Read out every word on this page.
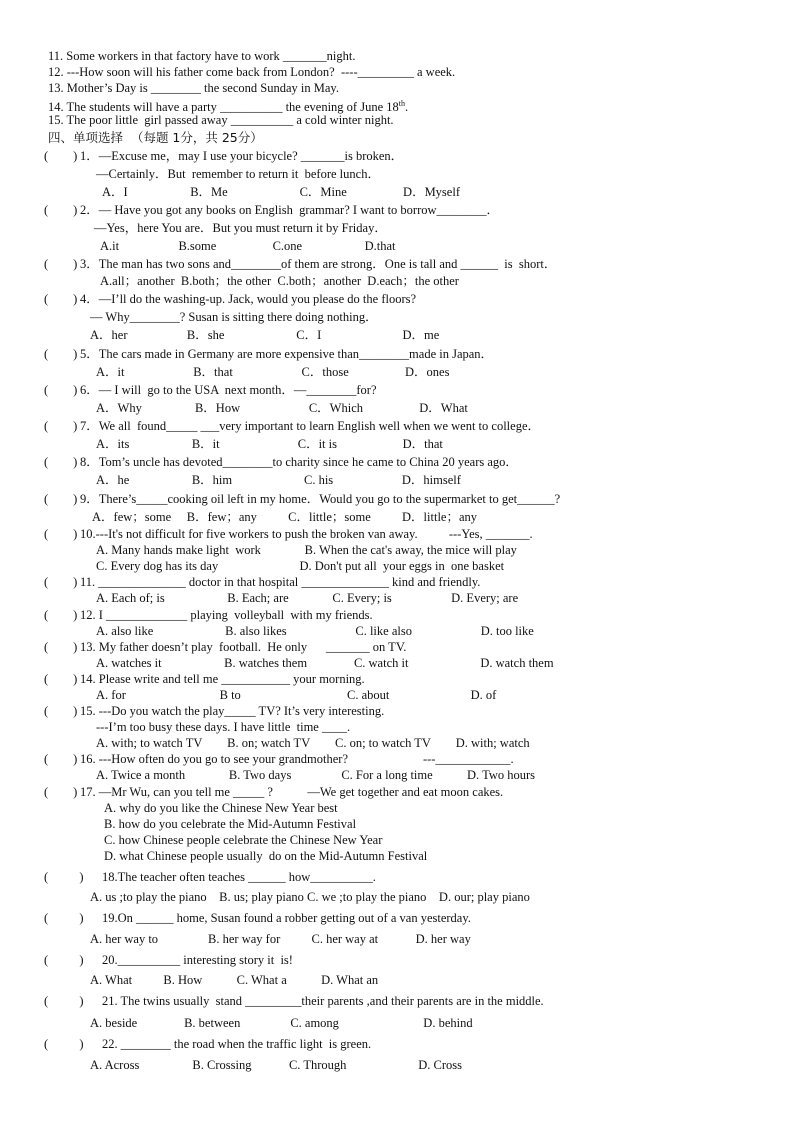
11. Some workers in that factory have to work _______night.
12. ---How soon will his father come back from London?  ----_________ a week.
13. Mother’s Day is ________ the second Sunday in May.
14. The students will have a party __________ the evening of June 18th.
15. The poor little  girl passed away __________ a cold winter night.
四、单项选择  （每题 1分，共 25分）
(        ) 1．—Excuse me，may I use your bicycle? _______is broken．
—Certainly．But  remember to return it  before lunch．
A．I                    B．Me                       C．Mine                  D．Myself
(        ) 2．— Have you got any books on English  grammar? I want to borrow________．
—Yes，here You are．But you must return it by Friday．
A.it                   B.some                  C.one                    D.that
(        ) 3．The man has two sons and________of them are strong．One is tall and ______  is  short．
A.all；another  B.both；the other  C.both；another  D.each；the other
(        ) 4．—I’ll do the washing-up. Jack, would you please do the floors?
— Why________? Susan is sitting there doing nothing．
A．her                   B．she                       C．I                          D．me
(        ) 5．The cars made in Germany are more expensive than________made in Japan．
A．it                      B．that                      C．those                  D．ones
(        ) 6．— I will  go to the USA  next month．—________for?
A．Why                 B．How                      C．Which                  D．What
(        ) 7．We all  found_____ ___very important to learn English well when we went to college．
A．its                    B．it                         C．it is                     D．that
(        ) 8．Tom’s uncle has devoted________to charity since he came to China 20 years ago．
A．he                    B．him                       C. his                      D．himself
(        ) 9．There’s_____cooking oil left in my home．Would you go to the supermarket to get______?
A．few；some     B．few；any          C．little；some          D．little；any
(        ) 10.---It's not difficult for five workers to push the broken van away.          ---Yes, _______.
A. Many hands make light  work              B. When the cat's away, the mice will play
C. Every dog has its day                          D. Don't put all  your eggs in  one basket
(        ) 11. ______________ doctor in that hospital ______________ kind and friendly.
A. Each of; is                    B. Each; are              C. Every; is                   D. Every; are
(        ) 12. I _____________ playing  volleyball  with my friends.
A. also like                       B. also likes                      C. like also                      D. too like
(        ) 13. My father doesn’t play  football.  He only      _______ on TV.
A. watches it                    B. watches them               C. watch it                       D. watch them
(        ) 14. Please write and tell me ___________ your morning.
A. for                              B to                                  C. about                          D. of
(        ) 15. ---Do you watch the play_____ TV? It’s very interesting.
---I’m too busy these days. I have little  time ____.
A. with; to watch TV        B. on; watch TV        C. on; to watch TV        D. with; watch
(        ) 16. ---How often do you go to see your grandmother?                        ---____________.
A. Twice a month              B. Two days                C. For a long time           D. Two hours
(        ) 17. —Mr Wu, can you tell me _____ ?           —We get together and eat moon cakes.
A. why do you like the Chinese New Year best
B. how do you celebrate the Mid-Autumn Festival
C. how Chinese people celebrate the Chinese New Year
D. what Chinese people usually  do on the Mid-Autumn Festival
(          ) 18.The teacher often teaches ______ how__________.
A. us ;to play the piano    B. us; play piano C. we ;to play the piano    D. our; play piano
(          ) 19.On ______ home, Susan found a robber getting out of a van yesterday.
A. her way to                B. her way for          C. her way at            D. her way
(          ) 20.__________ interesting story it  is!
A. What          B. How           C. What a           D. What an
(          ) 21. The twins usually  stand _________their parents ,and their parents are in the middle.
A. beside               B. between                C. among                           D. behind
(          ) 22. ________ the road when the traffic light  is green.
A. Across                 B. Crossing            C. Through                       D. Cross
